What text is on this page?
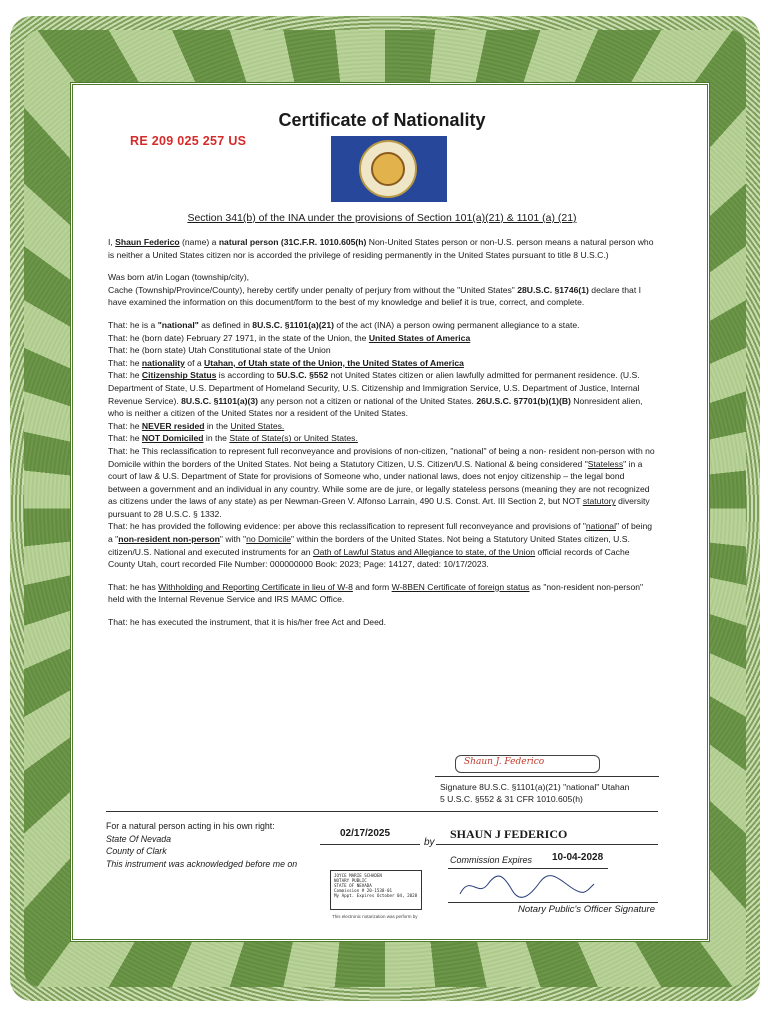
Certificate of Nationality
RE 209 025 257 US
Section 341(b) of the INA under the provisions of Section 101(a)(21) & 1101 (a) (21)

I, Shaun Federico (name) a natural person (31C.F.R. 1010.605(h) Non-United States person or non-U.S. person means a natural person who is neither a United States citizen nor is accorded the privilege of residing permanently in the United States pursuant to title 8 U.S.C.)

Was born at/in Logan (township/city),
Cache (Township/Province/County), hereby certify under penalty of perjury from without the "United States" 28U.S.C. §1746(1) declare that I have examined the information on this document/form to the best of my knowledge and belief it is true, correct, and complete.

That: he is a "national" as defined in 8U.S.C. §1101(a)(21) of the act (INA) a person owing permanent allegiance to a state.
That: he (born date) February 27 1971, in the state of the Union, the United States of America
That: he (born state) Utah Constitutional state of the Union
That: he nationality of a Utahan, of Utah state of the Union, the United States of America
That: he Citizenship Status is according to 5U.S.C. §552 not United States citizen or alien lawfully admitted for permanent residence. (U.S. Department of State, U.S. Department of Homeland Security, U.S. Citizenship and Immigration Service, U.S. Department of Justice, Internal Revenue Service). 8U.S.C. §1101(a)(3) any person not a citizen or national of the United States. 26U.S.C. §7701(b)(1)(B) Nonresident alien, who is neither a citizen of the United States nor a resident of the United States.
That: he NEVER resided in the United States.
That: he NOT Domiciled in the State of State(s) or United States.
That: he This reclassification to represent full reconveyance and provisions of non-citizen, "national" of being a non- resident non-person with no Domicile within the borders of the United States. Not being a Statutory Citizen, U.S. Citizen/U.S. National & being considered "Stateless" in a court of law & U.S. Department of State for provisions of Someone who, under national laws, does not enjoy citizenship – the legal bond between a government and an individual in any country. While some are de jure, or legally stateless persons (meaning they are not recognized as citizens under the laws of any state) as per Newman-Green V. Alfonso Larrain, 490 U.S. Const. Art. III Section 2, but NOT statutory diversity pursuant to 28 U.S.C. § 1332.

That: he has provided the following evidence: per above this reclassification to represent full reconveyance and provisions of "national" of being a "non-resident non-person" with "no Domicile" within the borders of the United States. Not being a Statutory United States citizen, U.S. citizen/U.S. National and executed instruments for an Oath of Lawful Status and Allegiance to state, of the Union official records of Cache County Utah, court recorded File Number: 000000000 Book: 2023; Page: 14127, dated: 10/17/2023.

That: he has Withholding and Reporting Certificate in lieu of W-8 and form W-8BEN Certificate of foreign status as "non-resident non-person" held with the Internal Revenue Service and IRS MAMC Office.

That: he has executed the instrument, that it is his/her free Act and Deed.
Shaun J. Federico
Signature 8U.S.C. §1101(a)(21) "national" Utahan
5 U.S.C. §552 & 31 CFR 1010.605(h)
For a natural person acting in his own right:
State Of Nevada
County of Clark
This instrument was acknowledged before me on
02/17/2025
by
SHAUN J FEDERICO
Commission Expires 10-04-2028
JOYCE MARIE SCHADEN
NOTARY PUBLIC
STATE OF NEVADA
Commission # 20-1538-01
My Appt. Expires October 04, 2028
Notary Public's Officer Signature
This electronic notarization was perform by
